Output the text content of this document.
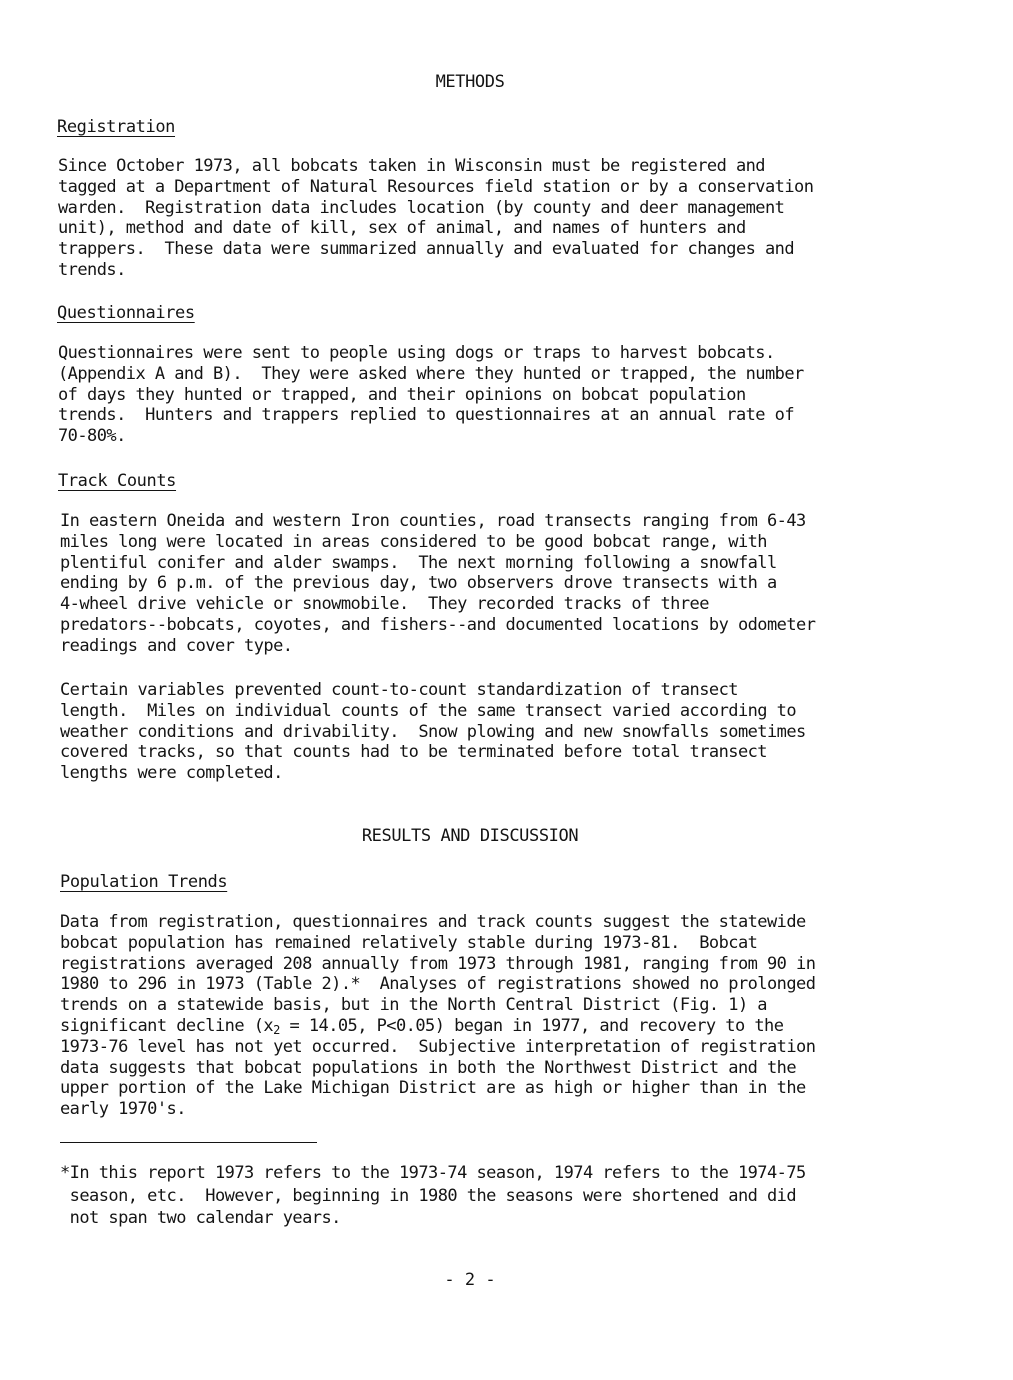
METHODS
Registration
Since October 1973, all bobcats taken in Wisconsin must be registered and
tagged at a Department of Natural Resources field station or by a conservation
warden.  Registration data includes location (by county and deer management
unit), method and date of kill, sex of animal, and names of hunters and
trappers.  These data were summarized annually and evaluated for changes and
trends.
Questionnaires
Questionnaires were sent to people using dogs or traps to harvest bobcats.
(Appendix A and B).  They were asked where they hunted or trapped, the number
of days they hunted or trapped, and their opinions on bobcat population
trends.  Hunters and trappers replied to questionnaires at an annual rate of
70-80%.
Track Counts
In eastern Oneida and western Iron counties, road transects ranging from 6-43
miles long were located in areas considered to be good bobcat range, with
plentiful conifer and alder swamps.  The next morning following a snowfall
ending by 6 p.m. of the previous day, two observers drove transects with a
4-wheel drive vehicle or snowmobile.  They recorded tracks of three
predators--bobcats, coyotes, and fishers--and documented locations by odometer
readings and cover type.
Certain variables prevented count-to-count standardization of transect
length.  Miles on individual counts of the same transect varied according to
weather conditions and drivability.  Snow plowing and new snowfalls sometimes
covered tracks, so that counts had to be terminated before total transect
lengths were completed.
RESULTS AND DISCUSSION
Population Trends
Data from registration, questionnaires and track counts suggest the statewide
bobcat population has remained relatively stable during 1973-81.  Bobcat
registrations averaged 208 annually from 1973 through 1981, ranging from 90 in
1980 to 296 in 1973 (Table 2).*  Analyses of registrations showed no prolonged
trends on a statewide basis, but in the North Central District (Fig. 1) a
significant decline ($x_2 = 14.05$, P<0.05) began in 1977, and recovery to the
1973-76 level has not yet occurred.  Subjective interpretation of registration
data suggests that bobcat populations in both the Northwest District and the
upper portion of the Lake Michigan District are as high or higher than in the
early 1970's.
*In this report 1973 refers to the 1973-74 season, 1974 refers to the 1974-75
season, etc.  However, beginning in 1980 the seasons were shortened and did
not span two calendar years.
- 2 -
